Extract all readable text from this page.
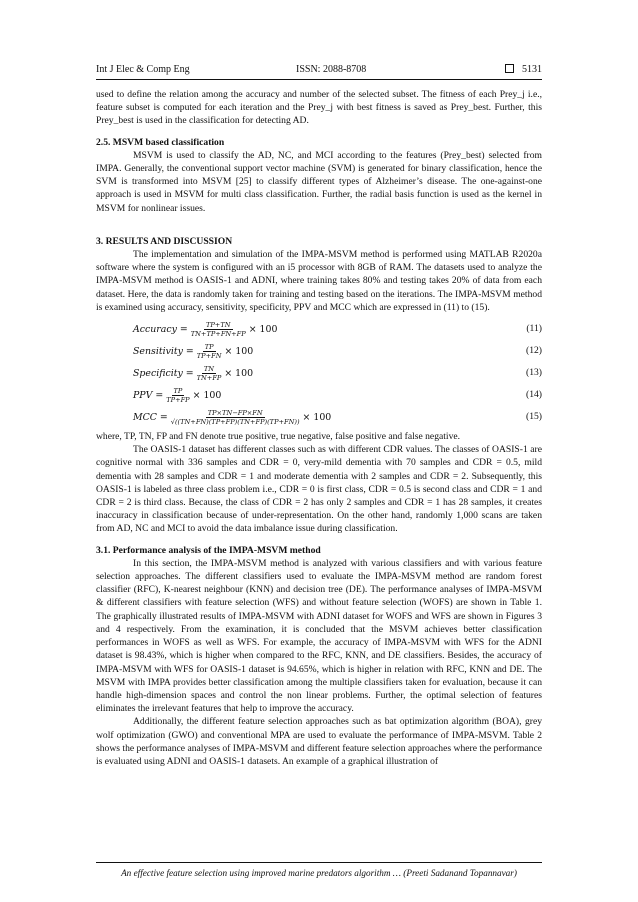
Int J Elec & Comp Eng	ISSN: 2088-8708	5131

used to define the relation among the accuracy and number of the selected subset. The fitness of each Prey_j i.e., feature subset is computed for each iteration and the Prey_j with best fitness is saved as Prey_best. Further, this Prey_best is used in the classification for detecting AD.

2.5. MSVM based classification

MSVM is used to classify the AD, NC, and MCI according to the features (Prey_best) selected from IMPA. Generally, the conventional support vector machine (SVM) is generated for binary classification, hence the SVM is transformed into MSVM [25] to classify different types of Alzheimer’s disease. The one-against-one approach is used in MSVM for multi class classification. Further, the radial basis function is used as the kernel in MSVM for nonlinear issues.

3. RESULTS AND DISCUSSION

The implementation and simulation of the IMPA-MSVM method is performed using MATLAB R2020a software where the system is configured with an i5 processor with 8GB of RAM. The datasets used to analyze the IMPA-MSVM method is OASIS-1 and ADNI, where training takes 80% and testing takes 20% of data from each dataset. Here, the data is randomly taken for training and testing based on the iterations. The IMPA-MSVM method is examined using accuracy, sensitivity, specificity, PPV and MCC which are expressed in (11) to (15).

Accuracy = $\frac{TP+TN}{TN+TP+FN+FP} \times 100$	(11)
Sensitivity = $\frac{TP}{TP+FN} \times 100$	(12)
Specificity = $\frac{TN}{TN+FP} \times 100$	(13)
PPV = $\frac{TP}{TP+FP} \times 100$	(14)
MCC = $\frac{TP\times TN-FP\times FN}{√((TN+FN)(TP+FP)(TN+FP)(TP+FN))} \times 100$	(15)

where, TP, TN, FP and FN denote true positive, true negative, false positive and false negative.

The OASIS-1 dataset has different classes such as with different CDR values. The classes of OASIS-1 are cognitive normal with 336 samples and CDR = 0, very-mild dementia with 70 samples and CDR = 0.5, mild dementia with 28 samples and CDR = 1 and moderate dementia with 2 samples and CDR = 2. Subsequently, this OASIS-1 is labeled as three class problem i.e., CDR = 0 is first class, CDR = 0.5 is second class and CDR = 1 and CDR = 2 is third class. Because, the class of CDR = 2 has only 2 samples and CDR = 1 has 28 samples, it creates inaccuracy in classification because of under-representation. On the other hand, randomly 1,000 scans are taken from AD, NC and MCI to avoid the data imbalance issue during classification.

3.1. Performance analysis of the IMPA-MSVM method

In this section, the IMPA-MSVM method is analyzed with various classifiers and with various feature selection approaches. The different classifiers used to evaluate the IMPA-MSVM method are random forest classifier (RFC), K-nearest neighbour (KNN) and decision tree (DE). The performance analyses of IMPA-MSVM & different classifiers with feature selection (WFS) and without feature selection (WOFS) are shown in Table 1. The graphically illustrated results of IMPA-MSVM with ADNI dataset for WOFS and WFS are shown in Figures 3 and 4 respectively. From the examination, it is concluded that the MSVM achieves better classification performances in WOFS as well as WFS. For example, the accuracy of IMPA-MSVM with WFS for the ADNI dataset is 98.43%, which is higher when compared to the RFC, KNN, and DE classifiers. Besides, the accuracy of IMPA-MSVM with WFS for OASIS-1 dataset is 94.65%, which is higher in relation with RFC, KNN and DE. The MSVM with IMPA provides better classification among the multiple classifiers taken for evaluation, because it can handle high-dimension spaces and control the non linear problems. Further, the optimal selection of features eliminates the irrelevant features that help to improve the accuracy.

Additionally, the different feature selection approaches such as bat optimization algorithm (BOA), grey wolf optimization (GWO) and conventional MPA are used to evaluate the performance of IMPA-MSVM. Table 2 shows the performance analyses of IMPA-MSVM and different feature selection approaches where the performance is evaluated using ADNI and OASIS-1 datasets. An example of a graphical illustration of

An effective feature selection using improved marine predators algorithm … (Preeti Sadanand Topannavar)
